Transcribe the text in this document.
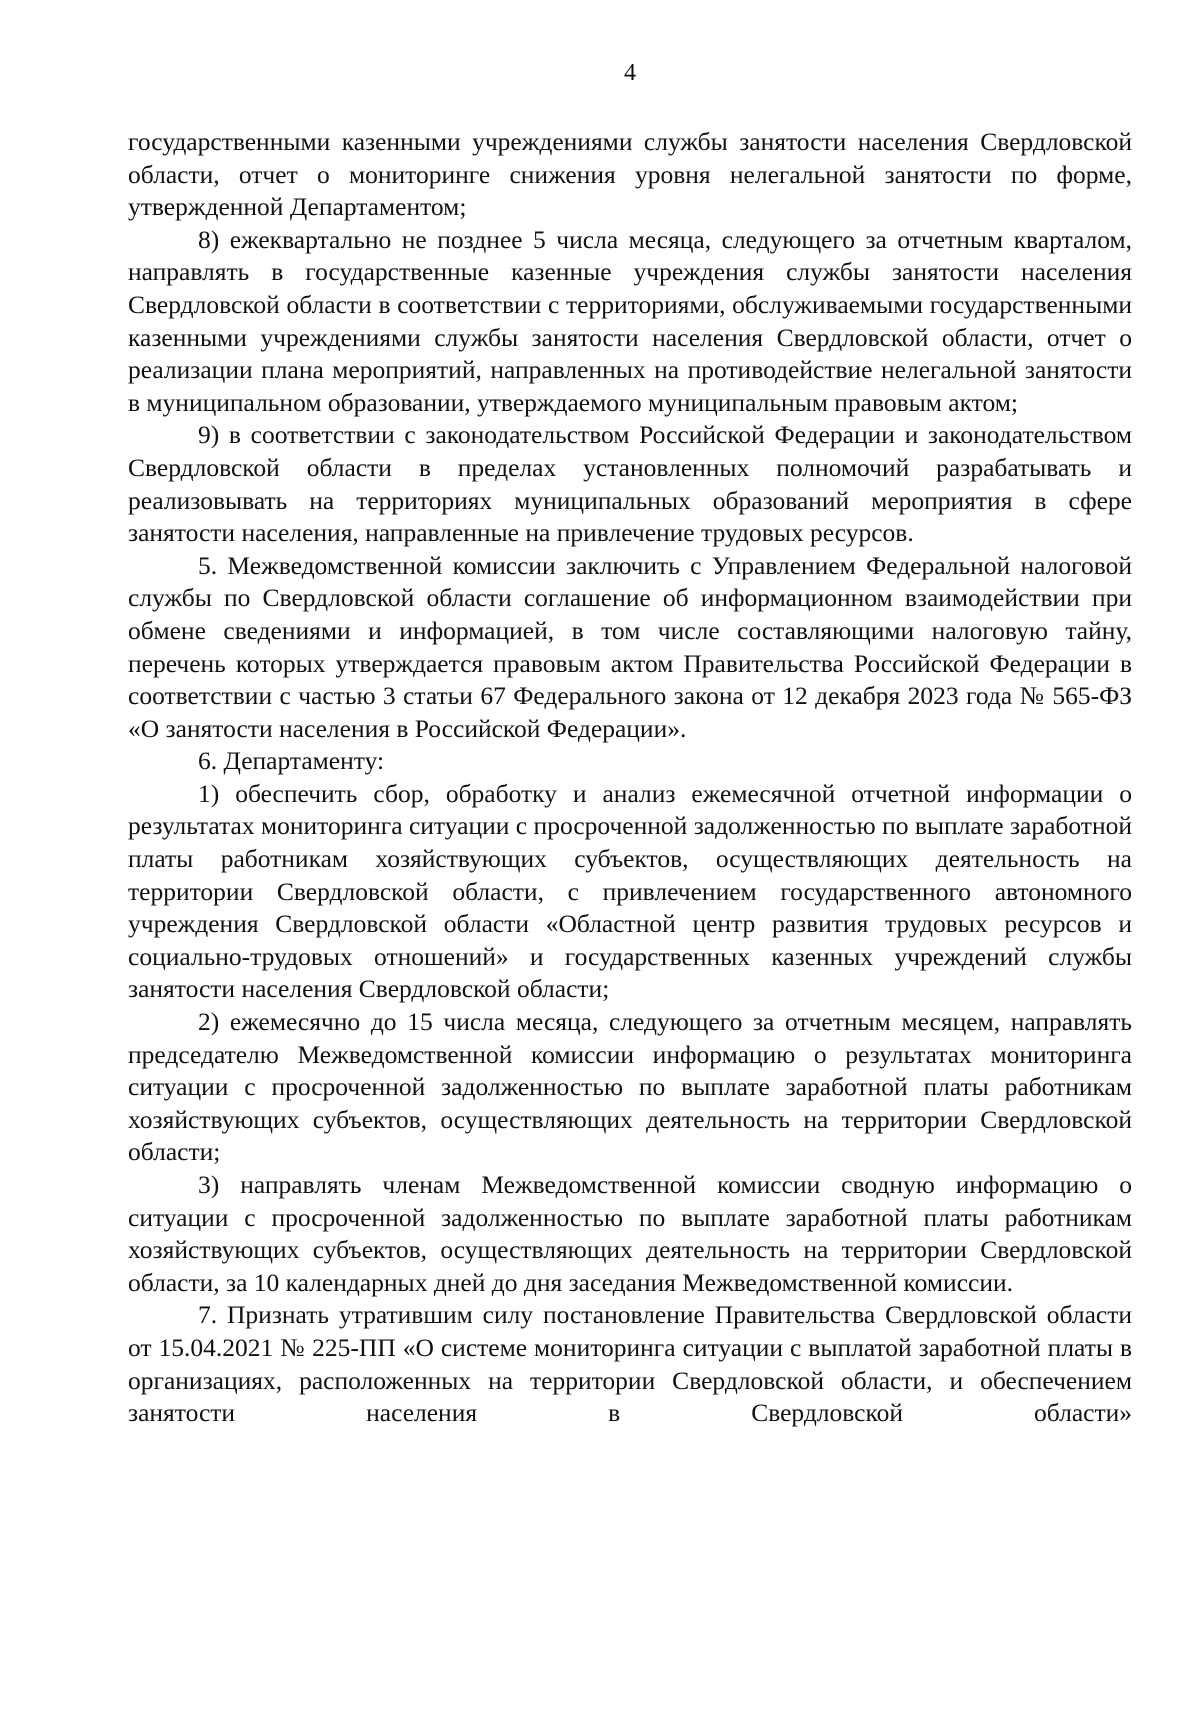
4

государственными казенными учреждениями службы занятости населения Свердловской области, отчет о мониторинге снижения уровня нелегальной занятости по форме, утвержденной Департаментом;

8) ежеквартально не позднее 5 числа месяца, следующего за отчетным кварталом, направлять в государственные казенные учреждения службы занятости населения Свердловской области в соответствии с территориями, обслуживаемыми государственными казенными учреждениями службы занятости населения Свердловской области, отчет о реализации плана мероприятий, направленных на противодействие нелегальной занятости в муниципальном образовании, утверждаемого муниципальным правовым актом;

9) в соответствии с законодательством Российской Федерации и законодательством Свердловской области в пределах установленных полномочий разрабатывать и реализовывать на территориях муниципальных образований мероприятия в сфере занятости населения, направленные на привлечение трудовых ресурсов.

5. Межведомственной комиссии заключить с Управлением Федеральной налоговой службы по Свердловской области соглашение об информационном взаимодействии при обмене сведениями и информацией, в том числе составляющими налоговую тайну, перечень которых утверждается правовым актом Правительства Российской Федерации в соответствии с частью 3 статьи 67 Федерального закона от 12 декабря 2023 года № 565-ФЗ «О занятости населения в Российской Федерации».

6. Департаменту:

1) обеспечить сбор, обработку и анализ ежемесячной отчетной информации о результатах мониторинга ситуации с просроченной задолженностью по выплате заработной платы работникам хозяйствующих субъектов, осуществляющих деятельность на территории Свердловской области, с привлечением государственного автономного учреждения Свердловской области «Областной центр развития трудовых ресурсов и социально-трудовых отношений» и государственных казенных учреждений службы занятости населения Свердловской области;

2) ежемесячно до 15 числа месяца, следующего за отчетным месяцем, направлять председателю Межведомственной комиссии информацию о результатах мониторинга ситуации с просроченной задолженностью по выплате заработной платы работникам хозяйствующих субъектов, осуществляющих деятельность на территории Свердловской области;

3) направлять членам Межведомственной комиссии сводную информацию о ситуации с просроченной задолженностью по выплате заработной платы работникам хозяйствующих субъектов, осуществляющих деятельность на территории Свердловской области, за 10 календарных дней до дня заседания Межведомственной комиссии.

7. Признать утратившим силу постановление Правительства Свердловской области от 15.04.2021 № 225-ПП «О системе мониторинга ситуации с выплатой заработной платы в организациях, расположенных на территории Свердловской области, и обеспечением занятости населения в Свердловской области»
